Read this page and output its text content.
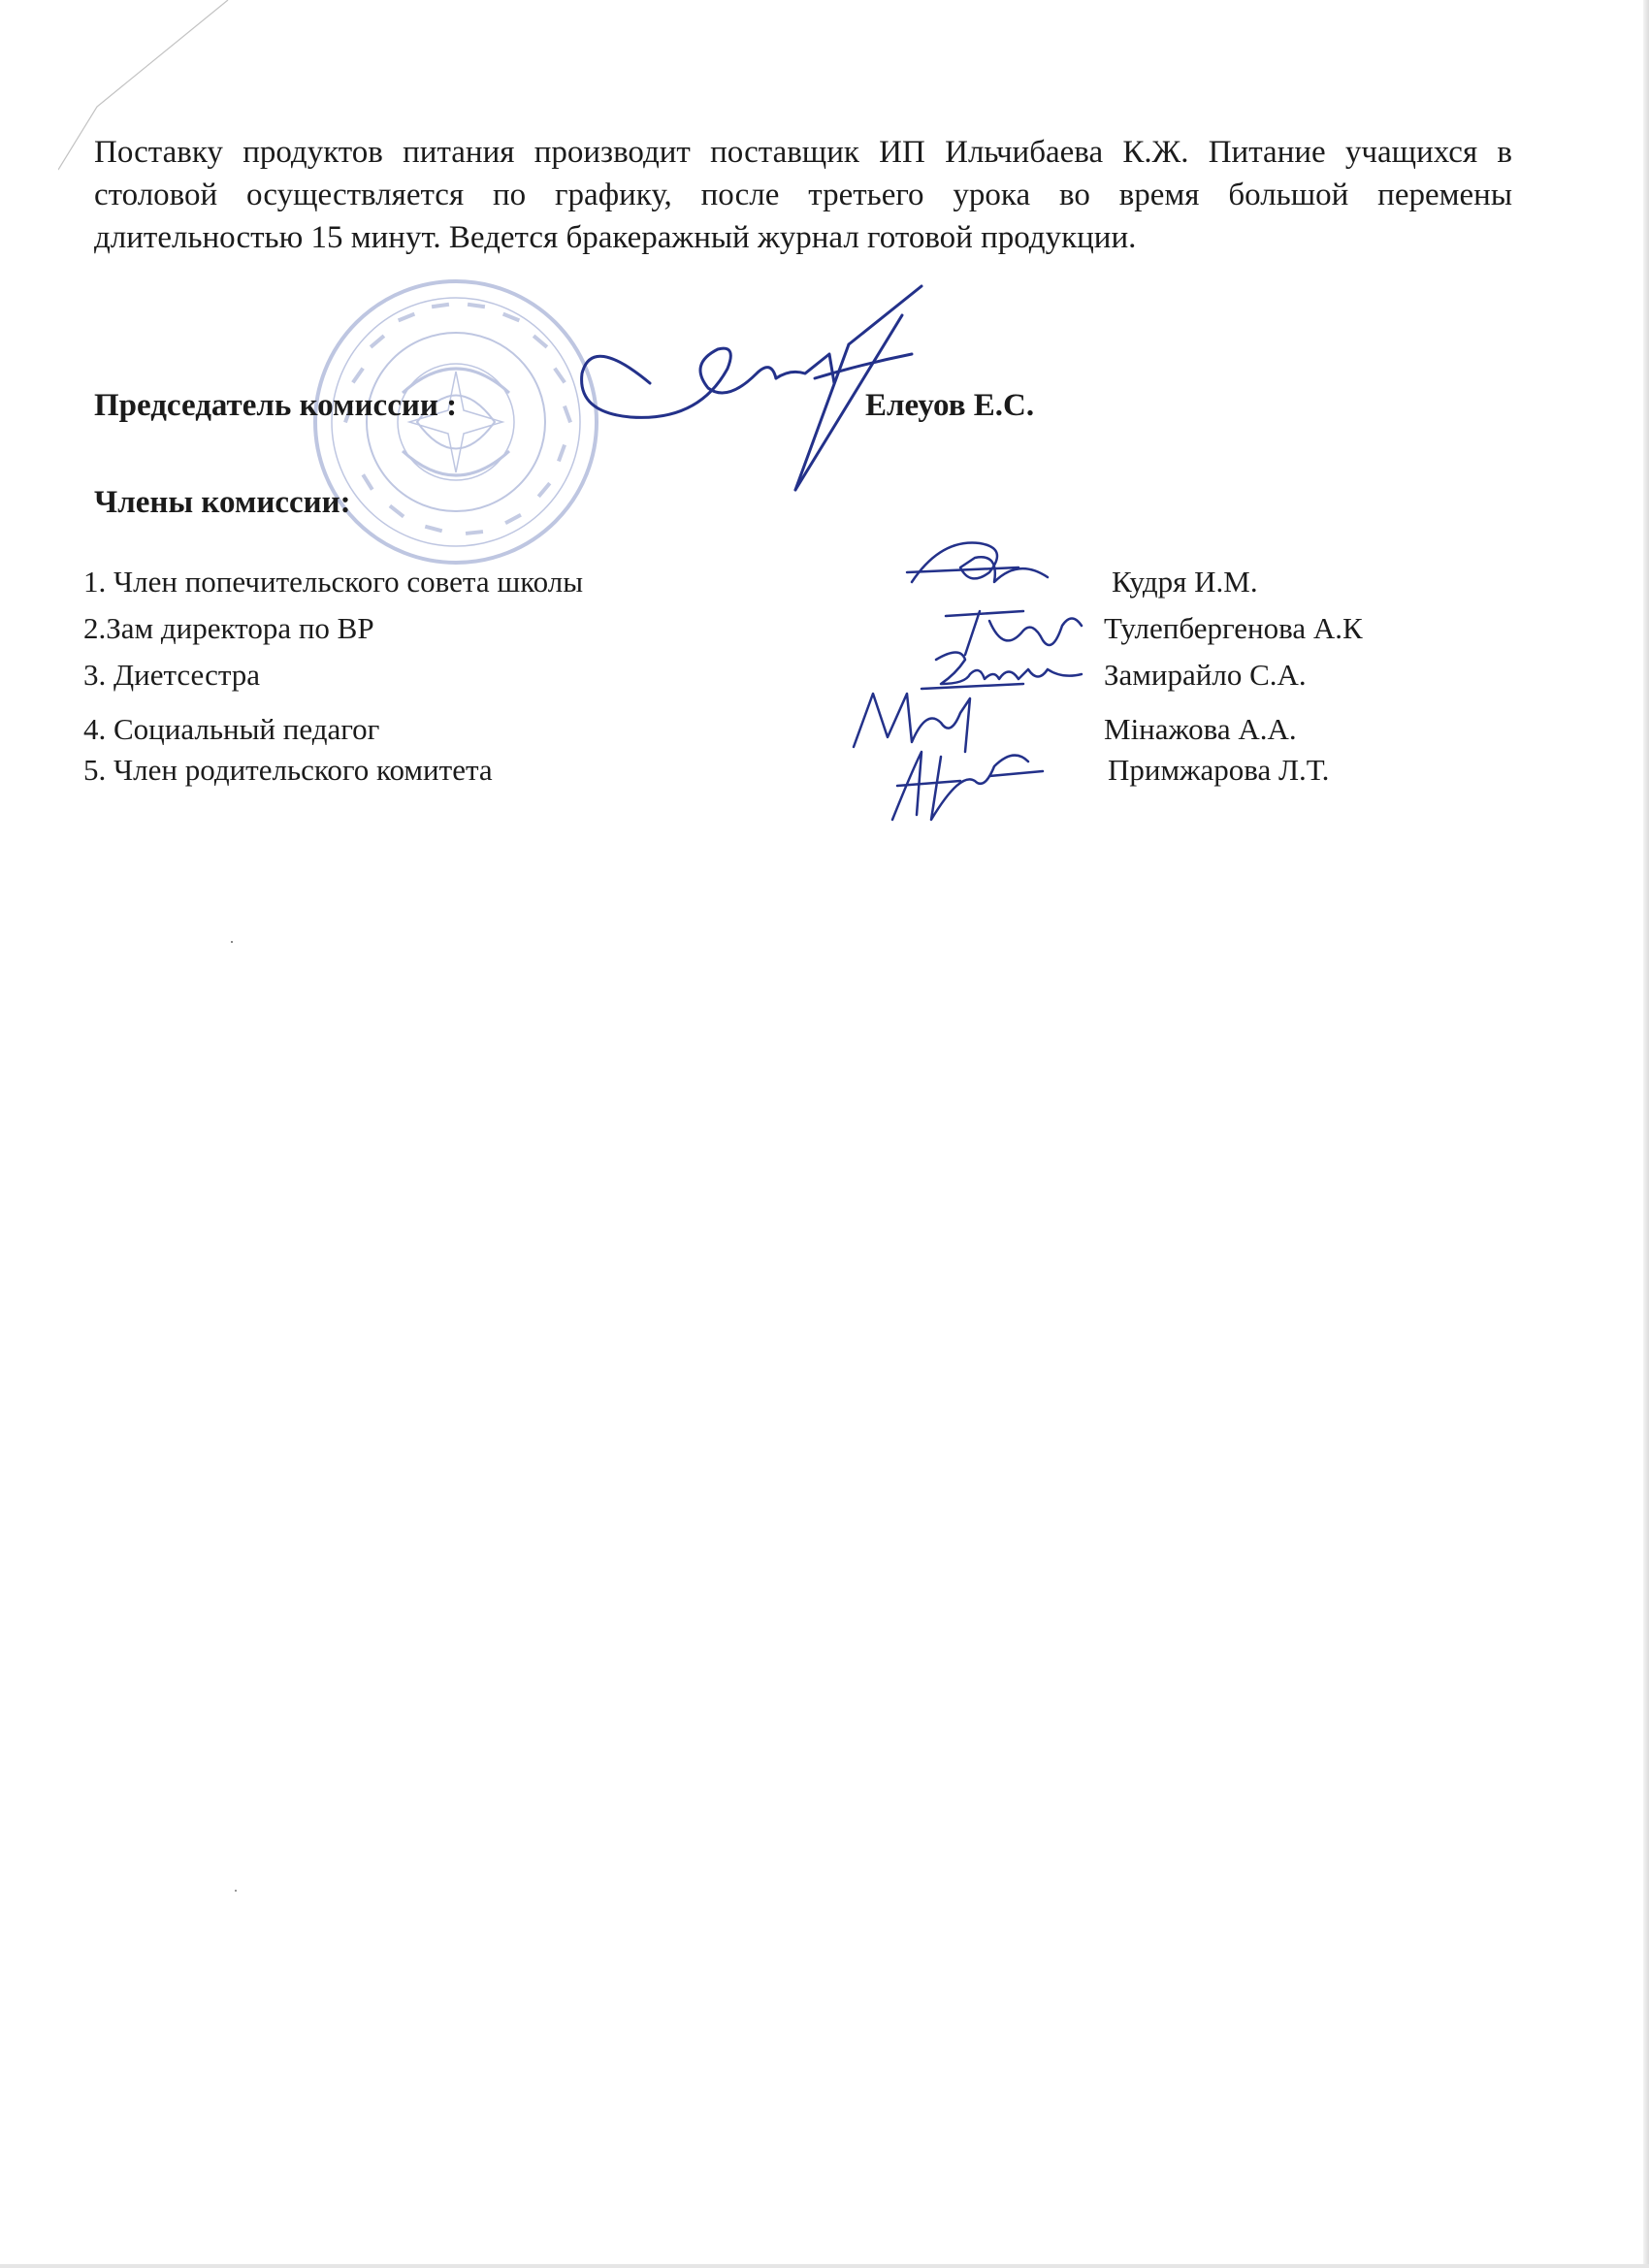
Поставку продуктов питания производит поставщик ИП Ильчибаева К.Ж. Питание учащихся в столовой осуществляется по графику, после третьего урока во время большой перемены длительностью 15 минут. Ведется бракеражный журнал готовой продукции.

Председатель комиссии :	Елеуов Е.С.
Члены комиссии:
1. Член попечительского совета школы	Кудря И.М.
2.Зам директора по ВР	Тулепбергенова А.К
3. Диетсестра	Замирайло С.А.
4. Социальный педагог	Мінажова А.А.
5. Член родительского комитета	Примжарова Л.Т.
